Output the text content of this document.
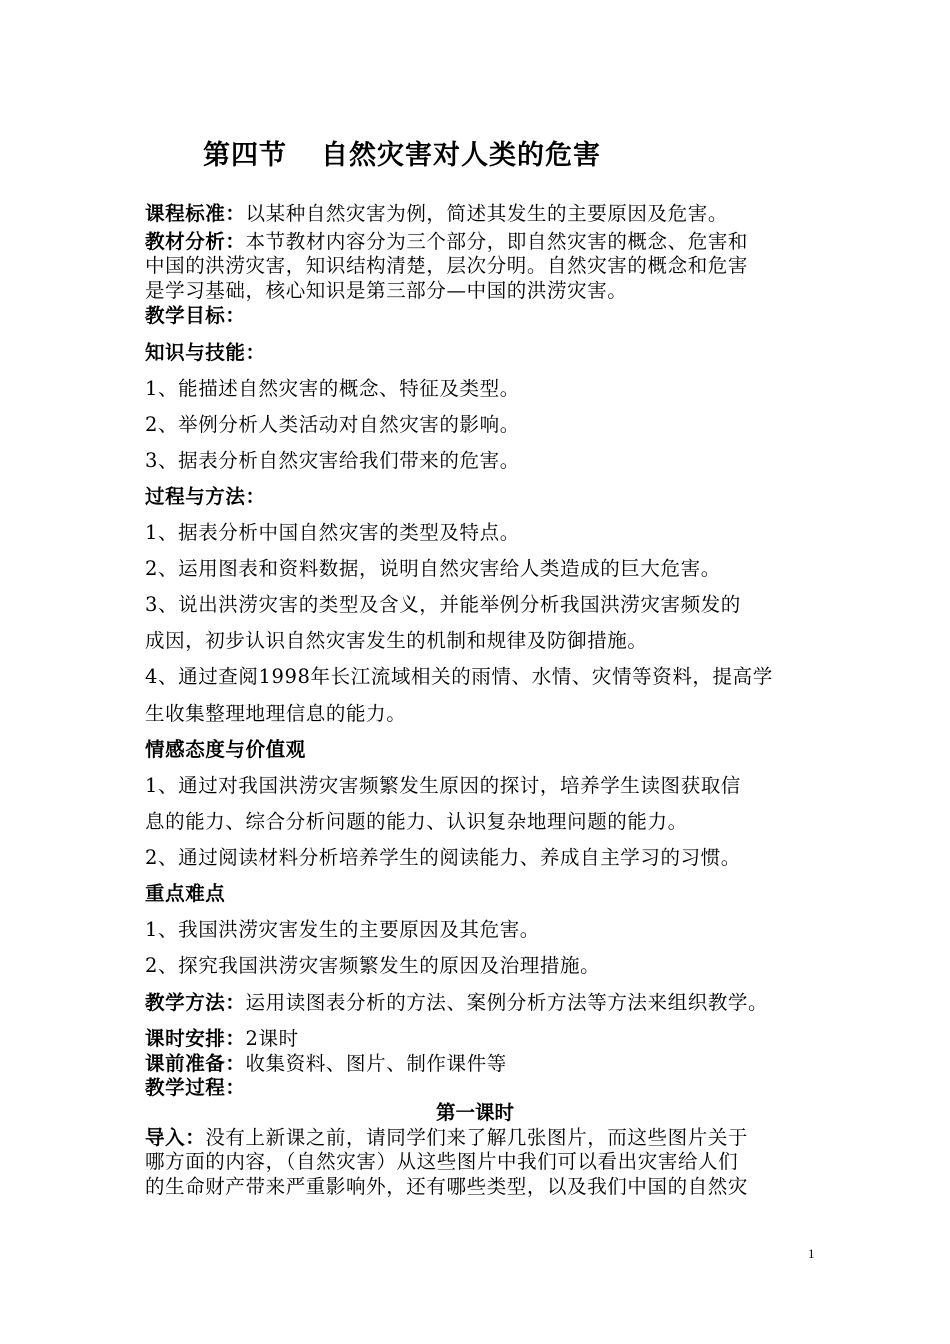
第四节 自然灾害对人类的危害
课程标准：以某种自然灾害为例，简述其发生的主要原因及危害。
教材分析：本节教材内容分为三个部分，即自然灾害的概念、危害和
中国的洪涝灾害，知识结构清楚，层次分明。自然灾害的概念和危害
是学习基础，核心知识是第三部分—中国的洪涝灾害。
教学目标：
知识与技能：
1、能描述自然灾害的概念、特征及类型。
2、举例分析人类活动对自然灾害的影响。
3、据表分析自然灾害给我们带来的危害。
过程与方法：
1、据表分析中国自然灾害的类型及特点。
2、运用图表和资料数据，说明自然灾害给人类造成的巨大危害。
3、说出洪涝灾害的类型及含义，并能举例分析我国洪涝灾害频发的
成因，初步认识自然灾害发生的机制和规律及防御措施。
4、通过查阅1998年长江流域相关的雨情、水情、灾情等资料，提高学
生收集整理地理信息的能力。
情感态度与价值观
1、通过对我国洪涝灾害频繁发生原因的探讨，培养学生读图获取信
息的能力、综合分析问题的能力、认识复杂地理问题的能力。
2、通过阅读材料分析培养学生的阅读能力、养成自主学习的习惯。
重点难点
1、我国洪涝灾害发生的主要原因及其危害。
2、探究我国洪涝灾害频繁发生的原因及治理措施。
教学方法：运用读图表分析的方法、案例分析方法等方法来组织教学。
课时安排：2课时
课前准备：收集资料、图片、制作课件等
教学过程：
第一课时
导入：没有上新课之前，请同学们来了解几张图片，而这些图片关于
哪方面的内容，（自然灾害）从这些图片中我们可以看出灾害给人们
的生命财产带来严重影响外，还有哪些类型，以及我们中国的自然灾
1
